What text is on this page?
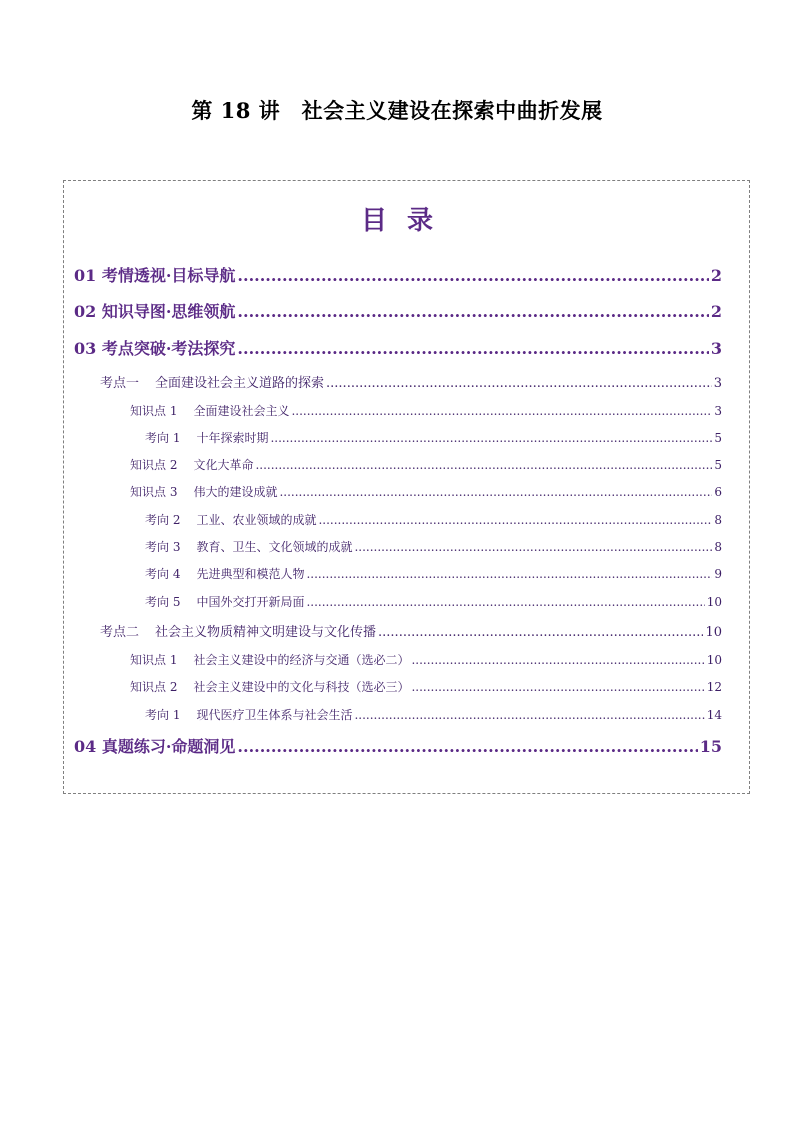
第 18 讲　社会主义建设在探索中曲折发展
目录
01 考情透视·目标导航 .....	2
02 知识导图·思维领航 .....	2
03 考点突破·考法探究 .....	3
考点一 全面建设社会主义道路的探索 .....	3
知识点 1 全面建设社会主义 .....	3
考向 1 十年探索时期 .....	5
知识点 2 文化大革命 .....	5
知识点 3 伟大的建设成就 .....	6
考向 2 工业、农业领域的成就 .....	8
考向 3 教育、卫生、文化领域的成就 .....	8
考向 4 先进典型和模范人物 .....	9
考向 5 中国外交打开新局面 .....	10
考点二 社会主义物质精神文明建设与文化传播 .....	10
知识点 1 社会主义建设中的经济与交通（选必二） .....	10
知识点 2 社会主义建设中的文化与科技（选必三） .....	12
考向 1 现代医疗卫生体系与社会生活 .....	14
04 真题练习·命题洞见 .....	15
